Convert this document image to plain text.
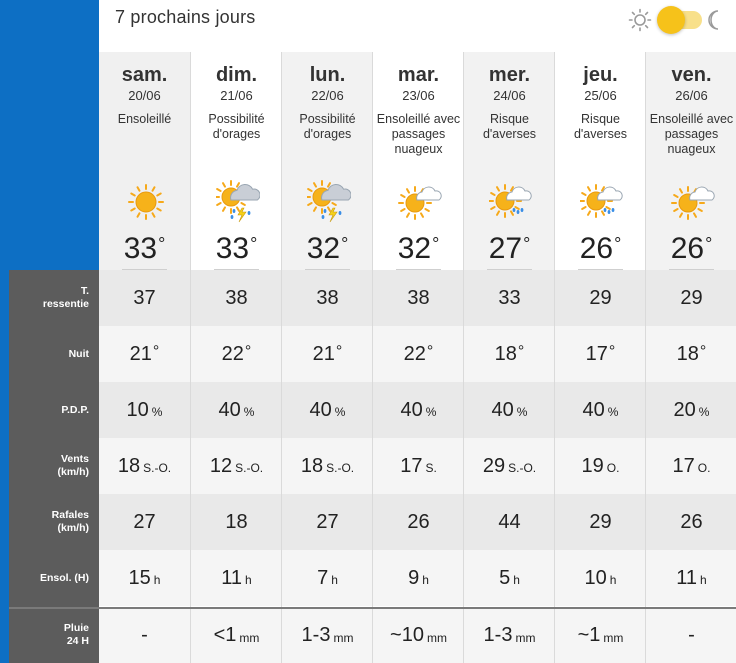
7 prochains jours
sam.
20/06
Ensoleillé
33°
37
21 °
10 %
18 S.-O.
27
15 h
-
dim.
21/06
Possibilité d'orages
33°
38
22 °
40 %
12 S.-O.
18
11 h
<1 mm
lun.
22/06
Possibilité d'orages
32°
38
21 °
40 %
18 S.-O.
27
7 h
1-3 mm
mar.
23/06
Ensoleillé avec passages nuageux
32°
38
22 °
40 %
17 S.
26
9 h
~10 mm
mer.
24/06
Risque d'averses
27°
33
18 °
40 %
29 S.-O.
44
5 h
1-3 mm
jeu.
25/06
Risque d'averses
26°
29
17 °
40 %
19 O.
29
10 h
~1 mm
ven.
26/06
Ensoleillé avec passages nuageux
26°
29
18 °
20 %
17 O.
26
11 h
-
T.
ressentie
Nuit
P.D.P.
Vents
(km/h)
Rafales
(km/h)
Ensol. (H)
Pluie
24 H
